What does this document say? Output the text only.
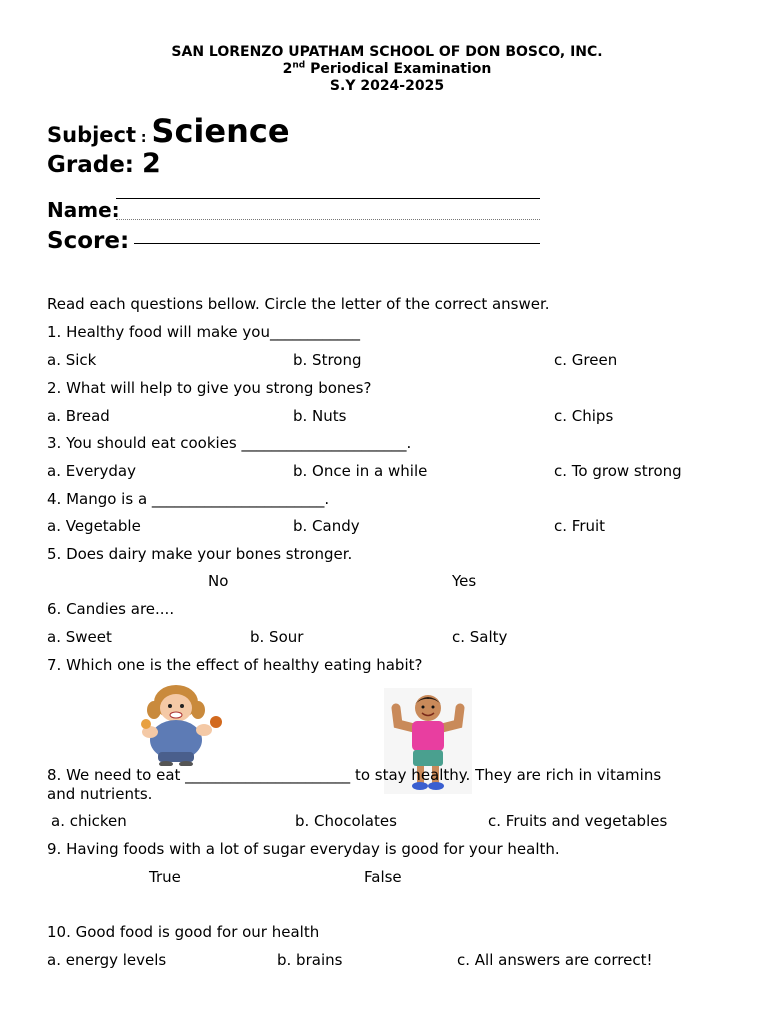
SAN LORENZO UPATHAM SCHOOL OF DON BOSCO, INC.
2nd Periodical Examination
S.Y 2024-2025
Subject : Science
Grade: 2
Name:
Score:
Read each questions bellow. Circle the letter of the correct answer.
1. Healthy food will make you____________
a. Sick	b. Strong	c. Green
2. What will help to give you strong bones?
a. Bread	b. Nuts	c. Chips
3. You should eat cookies ______________________.
a. Everyday	b. Once in a while	c. To grow strong
4. Mango is a _______________________.
a. Vegetable	b. Candy	c. Fruit
5. Does dairy make your bones stronger.
No	Yes
6. Candies are....
a. Sweet	b. Sour	c. Salty
7. Which one is the effect of healthy eating habit?
8. We need to eat ______________________ to stay healthy. They are rich in vitamins
and nutrients.
a. chicken	b. Chocolates	c. Fruits and vegetables
9. Having foods with a lot of sugar everyday is good for your health.
True	False
10. Good food is good for our health
a. energy levels	b. brains	c. All answers are correct!
